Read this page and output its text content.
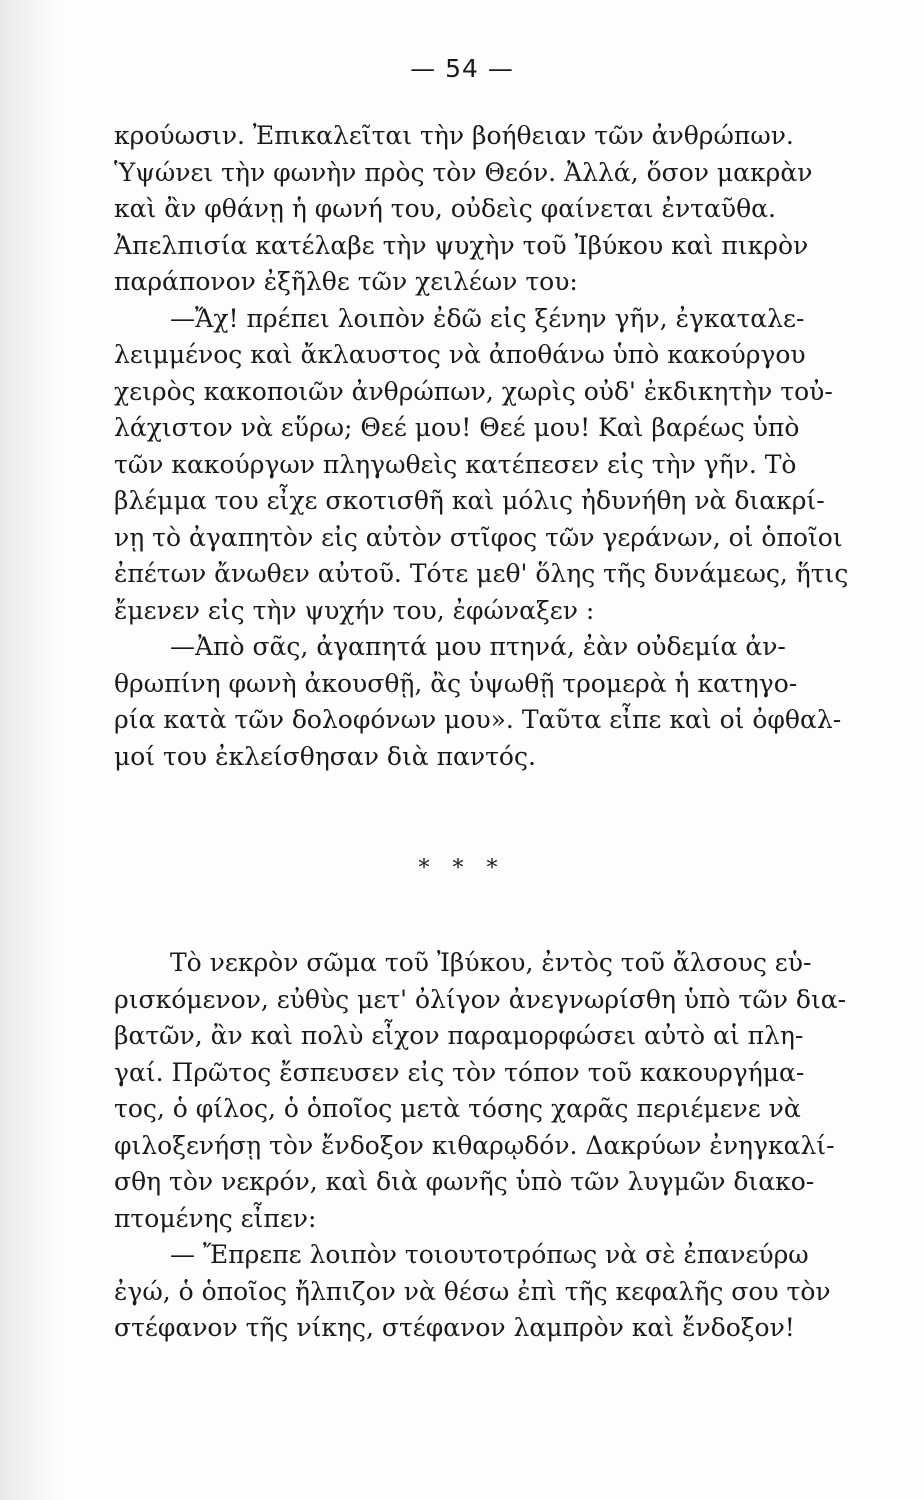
— 54 —
κρούωσιν. Ἐπικαλεῖται τὴν βοήθειαν τῶν ἀνθρώπων.
Ὑψώνει τὴν φωνὴν πρὸς τὸν Θεόν. Ἀλλά, ὅσον μακρὰν
καὶ ἂν φθάνῃ ἡ φωνή του, οὐδεὶς φαίνεται ἐνταῦθα.
Ἀπελπισία κατέλαβε τὴν ψυχὴν τοῦ Ἰβύκου καὶ πικρὸν
παράπονον ἐξῆλθε τῶν χειλέων του:
—Ἄχ! πρέπει λοιπὸν ἐδῶ εἰς ξένην γῆν, ἐγκαταλε-
λειμμένος καὶ ἄκλαυστος νὰ ἀποθάνω ὑπὸ κακούργου
χειρὸς κακοποιῶν ἀνθρώπων, χωρὶς οὐδ' ἐκδικητὴν τοὐ-
λάχιστον νὰ εὕρω; Θεέ μου! Θεέ μου! Καὶ βαρέως ὑπὸ
τῶν κακούργων πληγωθεὶς κατέπεσεν εἰς τὴν γῆν. Τὸ
βλέμμα του εἶχε σκοτισθῆ καὶ μόλις ἠδυνήθη νὰ διακρί-
νῃ τὸ ἀγαπητὸν εἰς αὐτὸν στῖφος τῶν γεράνων, οἱ ὁποῖοι
ἐπέτων ἄνωθεν αὐτοῦ. Τότε μεθ' ὅλης τῆς δυνάμεως, ἥτις
ἔμενεν εἰς τὴν ψυχήν του, ἐφώναξεν :
—Ἀπὸ σᾶς, ἀγαπητά μου πτηνά, ἐὰν οὐδεμία ἀν-
θρωπίνη φωνὴ ἀκουσθῇ, ἂς ὑψωθῇ τρομερὰ ἡ κατηγο-
ρία κατὰ τῶν δολοφόνων μου». Ταῦτα εἶπε καὶ οἱ ὀφθαλ-
μοί του ἐκλείσθησαν διὰ παντός.
* * *
Τὸ νεκρὸν σῶμα τοῦ Ἰβύκου, ἐντὸς τοῦ ἄλσους εὑ-
ρισκόμενον, εὐθὺς μετ' ὀλίγον ἀνεγνωρίσθη ὑπὸ τῶν δια-
βατῶν, ἂν καὶ πολὺ εἶχον παραμορφώσει αὐτὸ αἱ πλη-
γαί. Πρῶτος ἔσπευσεν εἰς τὸν τόπον τοῦ κακουργήμα-
τος, ὁ φίλος, ὁ ὁποῖος μετὰ τόσης χαρᾶς περιέμενε νὰ
φιλοξενήσῃ τὸν ἔνδοξον κιθαρῳδόν. Δακρύων ἐνηγκαλί-
σθη τὸν νεκρόν, καὶ διὰ φωνῆς ὑπὸ τῶν λυγμῶν διακο-
πτομένης εἶπεν:
— Ἔπρεπε λοιπὸν τοιουτοτρόπως νὰ σὲ ἐπανεύρω
ἐγώ, ὁ ὁποῖος ἤλπιζον νὰ θέσω ἐπὶ τῆς κεφαλῆς σου τὸν
στέφανον τῆς νίκης, στέφανον λαμπρὸν καὶ ἔνδοξον!
